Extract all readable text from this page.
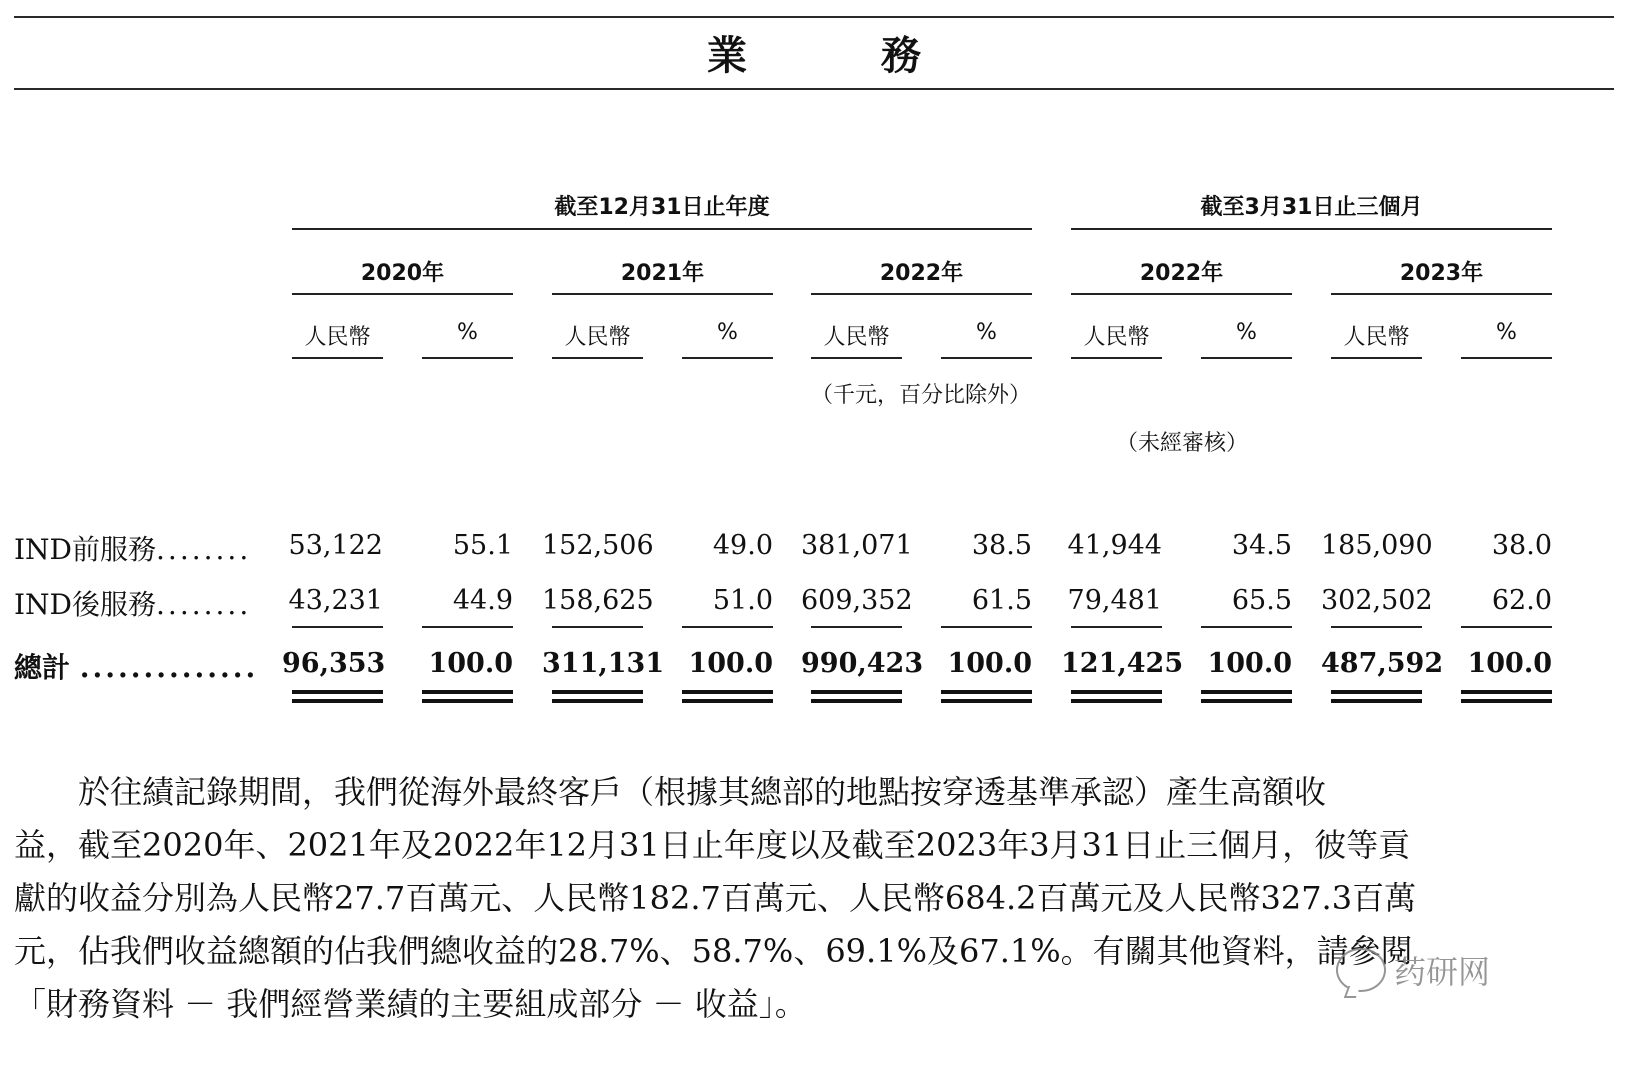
業 務
截至12月31日止年度	截至3月31日止三個月
2020年	2021年	2022年	2022年	2023年
人民幣	%	人民幣	%	人民幣	%	人民幣	%	人民幣	%
（千元，百分比除外）
（未經審核）
IND前服務........ 53,122	55.1 152,506	49.0 381,071	38.5 41,944	34.5 185,090	38.0
IND後服務........ 43,231	44.9 158,625	51.0 609,352	61.5 79,481	65.5 302,502	62.0
總計 .............. 96,353	100.0 311,131 100.0 990,423 100.0 121,425 100.0 487,592 100.0

　　於往績記錄期間，我們從海外最終客戶（根據其總部的地點按穿透基準承認）產生高額收

益，截至2020年、2021年及2022年12月31日止年度以及截至2023年3月31日止三個月，彼等貢

獻的收益分別為人民幣27.7百萬元、人民幣182.7百萬元、人民幣684.2百萬元及人民幣327.3百萬

元，佔我們收益總額的佔我們總收益的28.7%、58.7%、69.1%及67.1%。有關其他資料，請參閱

「財務資料 － 我們經營業績的主要組成部分 － 收益」。

药研网
